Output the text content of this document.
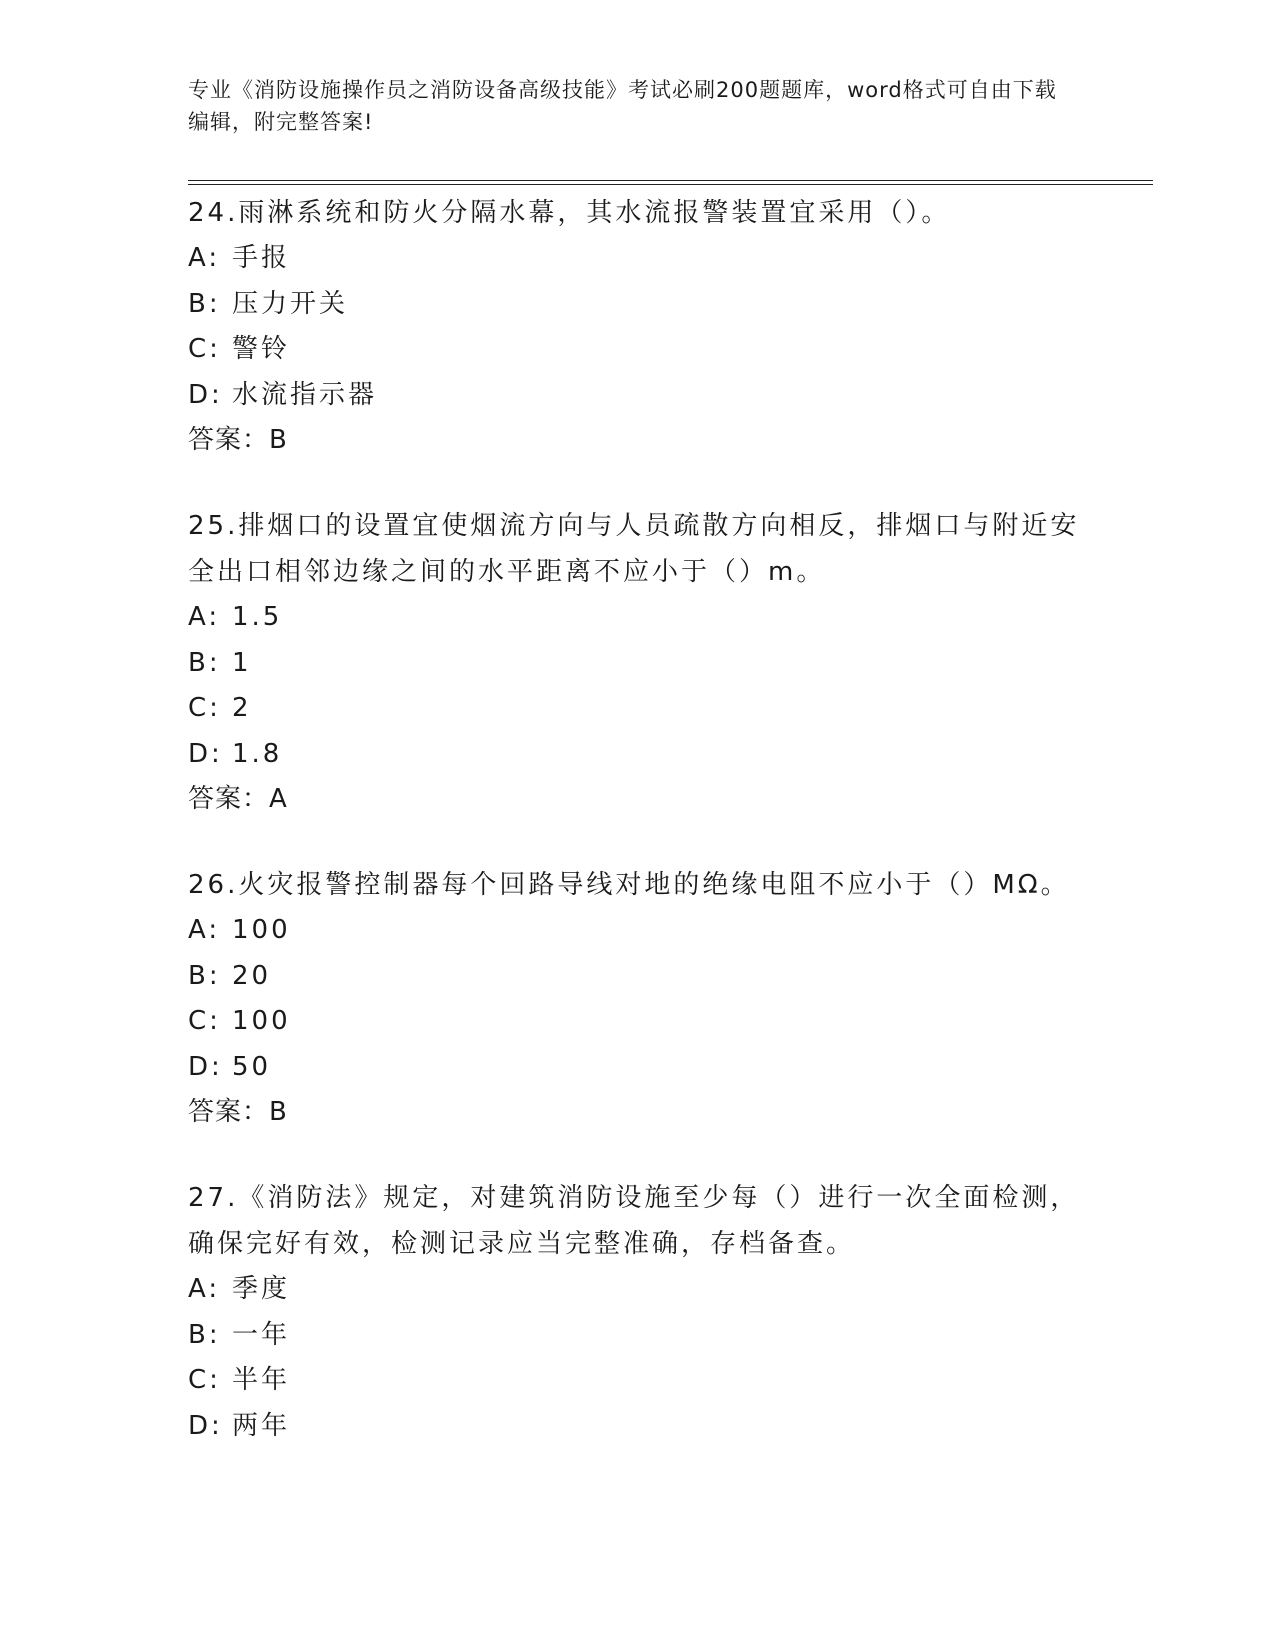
专业《消防设施操作员之消防设备高级技能》考试必刷200题题库，word格式可自由下载编辑，附完整答案!
24.雨淋系统和防火分隔水幕，其水流报警装置宜采用（）。
A: 手报
B: 压力开关
C: 警铃
D: 水流指示器
答案：B
25.排烟口的设置宜使烟流方向与人员疏散方向相反，排烟口与附近安全出口相邻边缘之间的水平距离不应小于（）m。
A: 1.5
B: 1
C: 2
D: 1.8
答案：A
26.火灾报警控制器每个回路导线对地的绝缘电阻不应小于（）MΩ。
A: 100
B: 20
C: 100
D: 50
答案：B
27.《消防法》规定，对建筑消防设施至少每（）进行一次全面检测，确保完好有效，检测记录应当完整准确，存档备查。
A: 季度
B: 一年
C: 半年
D: 两年
